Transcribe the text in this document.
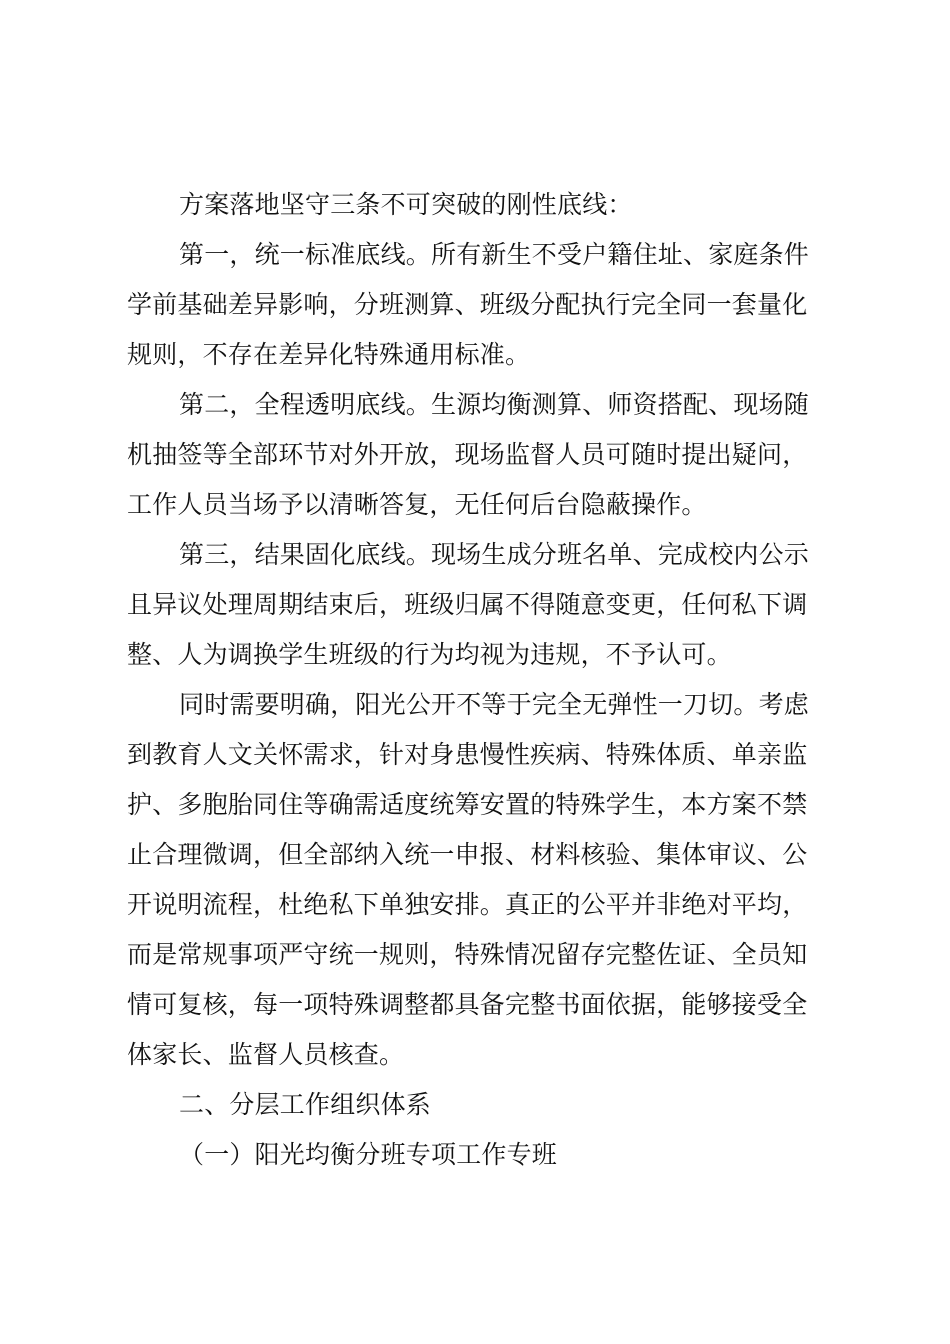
方案落地坚守三条不可突破的刚性底线：
第一，统一标准底线。所有新生不受户籍住址、家庭条件
学前基础差异影响，分班测算、班级分配执行完全同一套量化
规则，不存在差异化特殊通用标准。
第二，全程透明底线。生源均衡测算、师资搭配、现场随
机抽签等全部环节对外开放，现场监督人员可随时提出疑问，
工作人员当场予以清晰答复，无任何后台隐蔽操作。
第三，结果固化底线。现场生成分班名单、完成校内公示
且异议处理周期结束后，班级归属不得随意变更，任何私下调
整、人为调换学生班级的行为均视为违规，不予认可。
同时需要明确，阳光公开不等于完全无弹性一刀切。考虑
到教育人文关怀需求，针对身患慢性疾病、特殊体质、单亲监
护、多胞胎同住等确需适度统筹安置的特殊学生，本方案不禁
止合理微调，但全部纳入统一申报、材料核验、集体审议、公
开说明流程，杜绝私下单独安排。真正的公平并非绝对平均，
而是常规事项严守统一规则，特殊情况留存完整佐证、全员知
情可复核，每一项特殊调整都具备完整书面依据，能够接受全
体家长、监督人员核查。
二、分层工作组织体系
（一）阳光均衡分班专项工作专班
